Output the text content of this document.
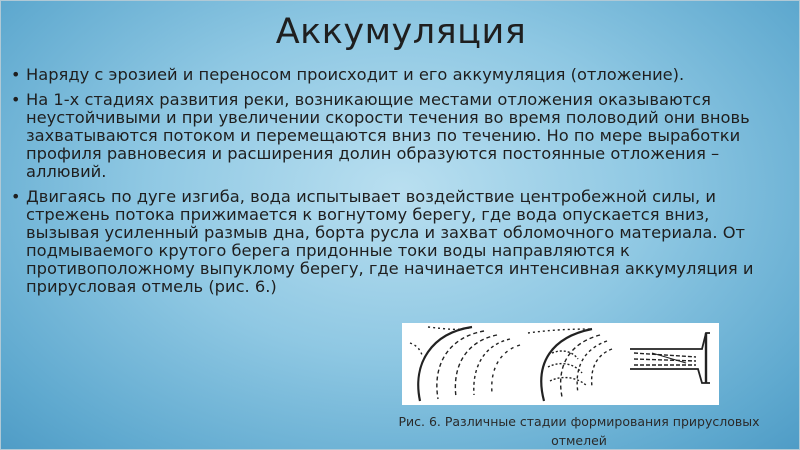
Аккумуляция
• Наряду с эрозией и переносом происходит и его аккумуляция (отложение).
• На 1-х стадиях развития реки, возникающие местами отложения оказываются неустойчивыми и при увеличении скорости течения во время половодий они вновь захватываются потоком и перемещаются вниз по течению. Но по мере выработки профиля равновесия и расширения долин образуются постоянные отложения – аллювий.
• Двигаясь по дуге изгиба, вода испытывает воздействие центробежной силы, и стрежень потока прижимается к вогнутому берегу, где вода опускается вниз, вызывая усиленный размыв дна, борта русла и захват обломочного материала. От подмываемого крутого берега придонные токи воды направляются к противоположному выпуклому берегу, где начинается интенсивная аккумуляция и прирусловая отмель (рис. 6.)
Рис. 6. Различные стадии формирования прирусловых отмелей
